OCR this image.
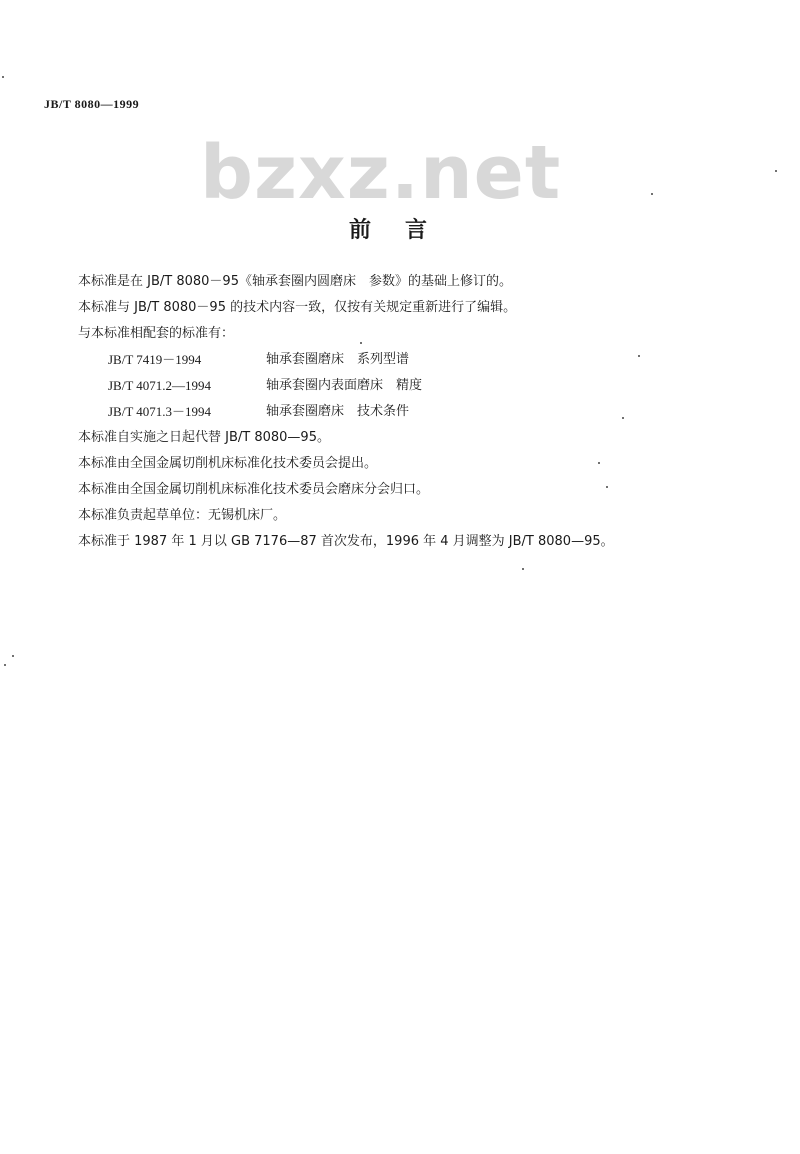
JB/T 8080—1999
bzxz.net
前言
本标准是在 JB/T 8080－95《轴承套圈内圆磨床　参数》的基础上修订的。
本标准与 JB/T 8080－95 的技术内容一致，仅按有关规定重新进行了编辑。
与本标准相配套的标准有：
JB/T 7419－1994	轴承套圈磨床　系列型谱
JB/T 4071.2—1994	轴承套圈内表面磨床　精度
JB/T 4071.3－1994	轴承套圈磨床　技术条件
本标准自实施之日起代替 JB/T 8080—95。
本标准由全国金属切削机床标准化技术委员会提出。
本标准由全国金属切削机床标准化技术委员会磨床分会归口。
本标准负责起草单位：无锡机床厂。
本标准于 1987 年 1 月以 GB 7176—87 首次发布，1996 年 4 月调整为 JB/T 8080—95。
